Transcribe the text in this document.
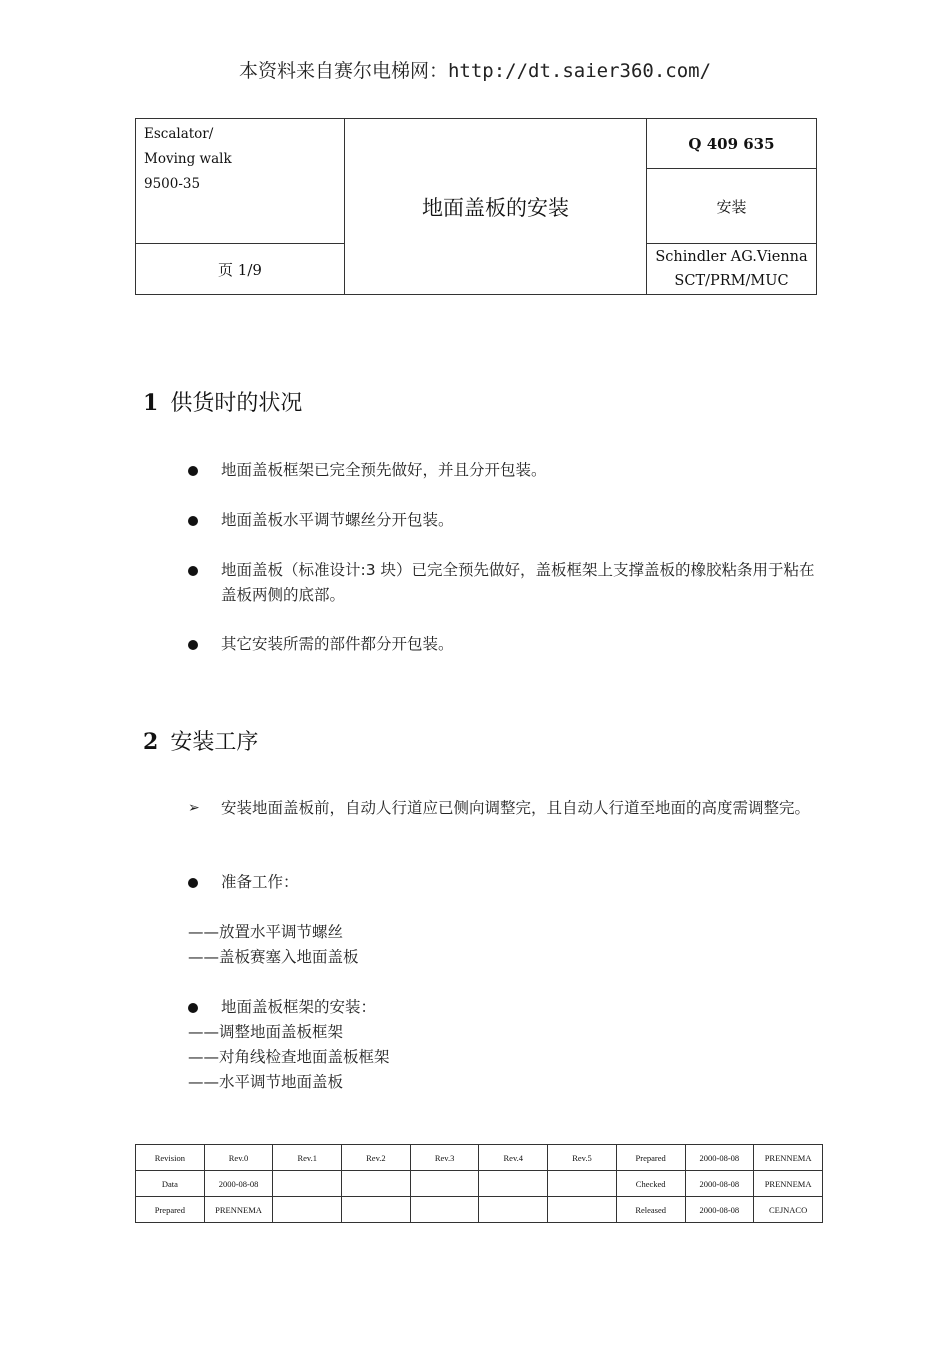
本资料来自赛尔电梯网：http://dt.saier360.com/
Escalator/
Moving walk
9500-35	地面盖板的安装	Q 409 635
		安装
页 1/9		Schindler AG.Vienna
SCT/PRM/MUC
1 供货时的状况
地面盖板框架已完全预先做好，并且分开包装。
地面盖板水平调节螺丝分开包装。
地面盖板（标准设计:3 块）已完全预先做好，盖板框架上支撑盖板的橡胶粘条用于粘在盖板两侧的底部。
其它安装所需的部件都分开包装。
2 安装工序
➢	安装地面盖板前，自动人行道应已侧向调整完，且自动人行道至地面的高度需调整完。
准备工作：
——放置水平调节螺丝
——盖板赛塞入地面盖板
地面盖板框架的安装：
——调整地面盖板框架
——对角线检查地面盖板框架
——水平调节地面盖板
Revision	Rev.0	Rev.1	Rev.2	Rev.3	Rev.4	Rev.5	Prepared	2000-08-08	PRENNEMA
Data	2000-08-08						Checked	2000-08-08	PRENNEMA
Prepared	PRENNEMA						Released	2000-08-08	CEJNACO
